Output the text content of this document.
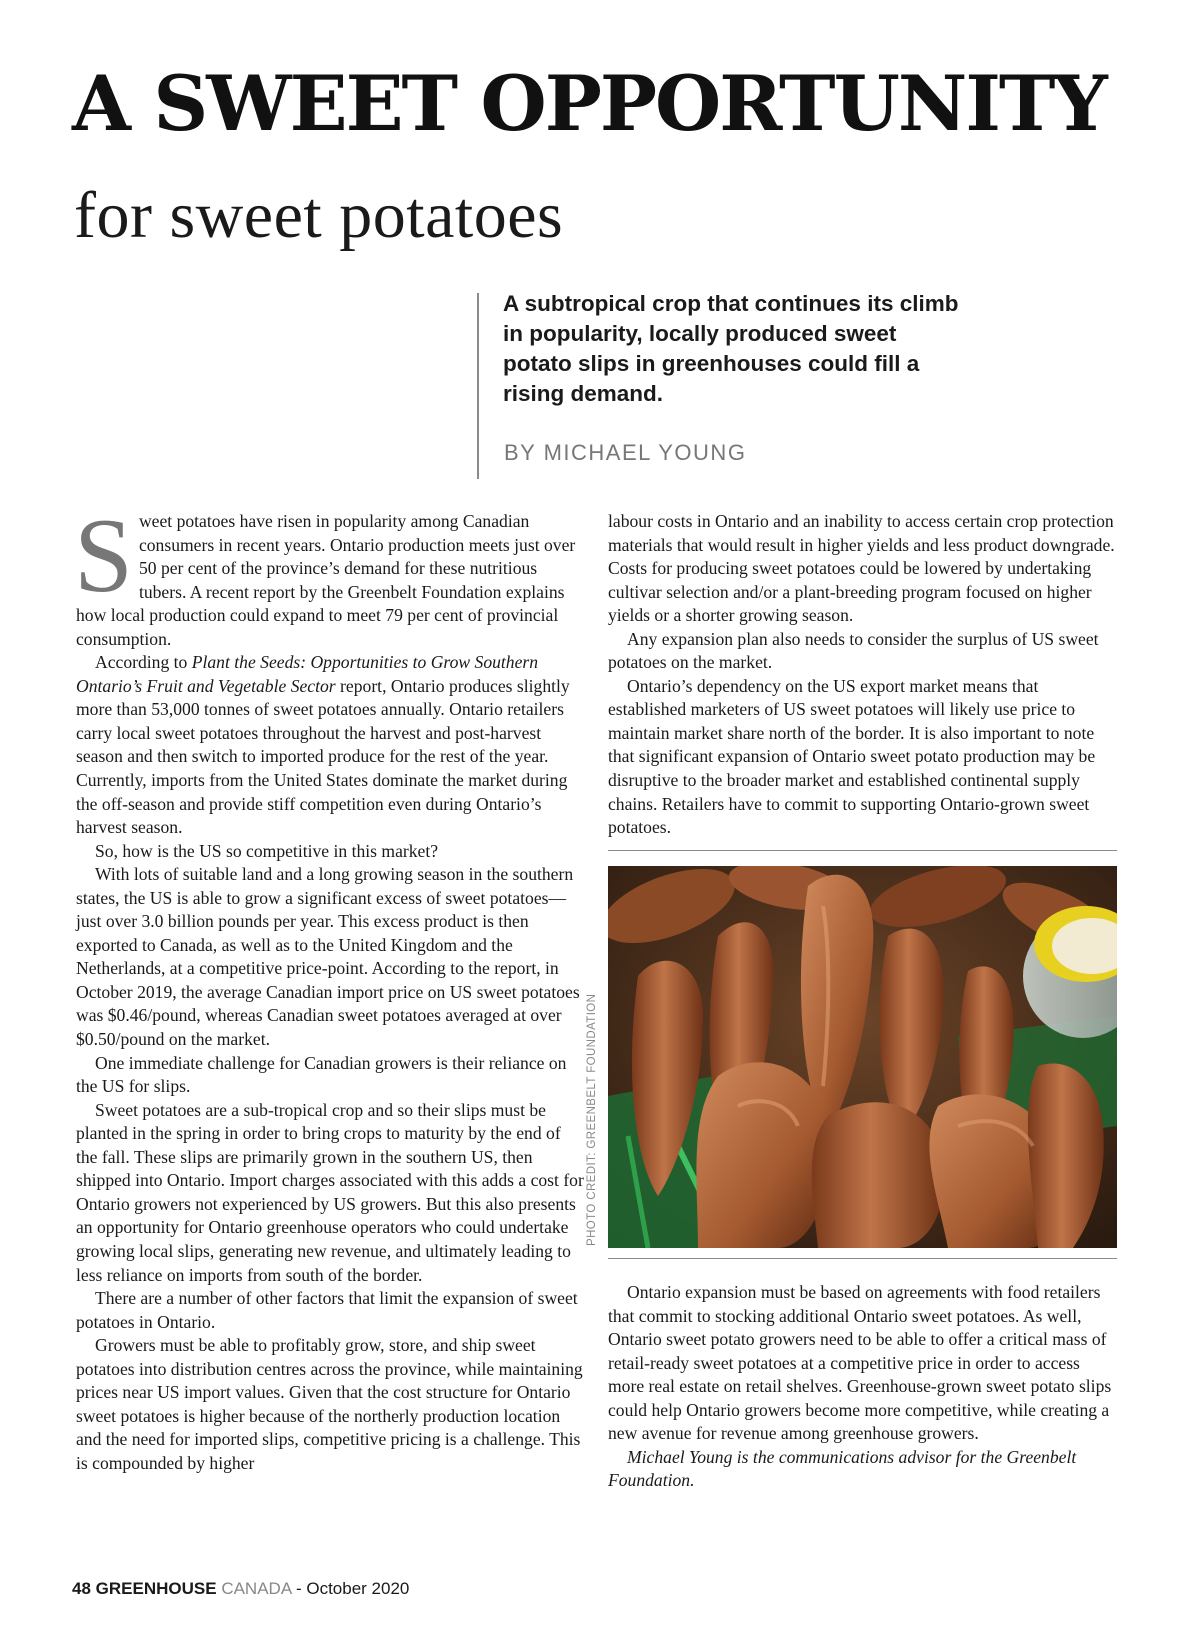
A SWEET OPPORTUNITY
for sweet potatoes

A subtropical crop that continues its climb in popularity, locally produced sweet potato slips in greenhouses could fill a rising demand.

BY MICHAEL YOUNG

Sweet potatoes have risen in popularity among Canadian consumers in recent years. Ontario production meets just over 50 per cent of the province’s demand for these nutritious tubers. A recent report by the Greenbelt Foundation explains how local production could expand to meet 79 per cent of provincial consumption.

According to Plant the Seeds: Opportunities to Grow Southern Ontario’s Fruit and Vegetable Sector report, Ontario produces slightly more than 53,000 tonnes of sweet potatoes annually. Ontario retailers carry local sweet potatoes throughout the harvest and post-harvest season and then switch to imported produce for the rest of the year. Currently, imports from the United States dominate the market during the off-season and provide stiff competition even during Ontario’s harvest season.

So, how is the US so competitive in this market?

With lots of suitable land and a long growing season in the southern states, the US is able to grow a significant excess of sweet potatoes—just over 3.0 billion pounds per year. This excess product is then exported to Canada, as well as to the United Kingdom and the Netherlands, at a competitive price-point. According to the report, in October 2019, the average Canadian import price on US sweet potatoes was $0.46/pound, whereas Canadian sweet potatoes averaged at over $0.50/pound on the market.

One immediate challenge for Canadian growers is their reliance on the US for slips.

Sweet potatoes are a sub-tropical crop and so their slips must be planted in the spring in order to bring crops to maturity by the end of the fall. These slips are primarily grown in the southern US, then shipped into Ontario. Import charges associated with this adds a cost for Ontario growers not experienced by US growers. But this also presents an opportunity for Ontario greenhouse operators who could undertake growing local slips, generating new revenue, and ultimately leading to less reliance on imports from south of the border.

There are a number of other factors that limit the expansion of sweet potatoes in Ontario.

Growers must be able to profitably grow, store, and ship sweet potatoes into distribution centres across the province, while maintaining prices near US import values. Given that the cost structure for Ontario sweet potatoes is higher because of the northerly production location and the need for imported slips, competitive pricing is a challenge. This is compounded by higher

labour costs in Ontario and an inability to access certain crop protection materials that would result in higher yields and less product downgrade. Costs for producing sweet potatoes could be lowered by undertaking cultivar selection and/or a plant-breeding program focused on higher yields or a shorter growing season.

Any expansion plan also needs to consider the surplus of US sweet potatoes on the market.

Ontario’s dependency on the US export market means that established marketers of US sweet potatoes will likely use price to maintain market share north of the border. It is also important to note that significant expansion of Ontario sweet potato production may be disruptive to the broader market and established continental supply chains. Retailers have to commit to supporting Ontario-grown sweet potatoes.

PHOTO CREDIT: GREENBELT FOUNDATION

Ontario expansion must be based on agreements with food retailers that commit to stocking additional Ontario sweet potatoes. As well, Ontario sweet potato growers need to be able to offer a critical mass of retail-ready sweet potatoes at a competitive price in order to access more real estate on retail shelves. Greenhouse-grown sweet potato slips could help Ontario growers become more competitive, while creating a new avenue for revenue among greenhouse growers.

Michael Young is the communications advisor for the Greenbelt Foundation.

48 GREENHOUSE CANADA - October 2020
